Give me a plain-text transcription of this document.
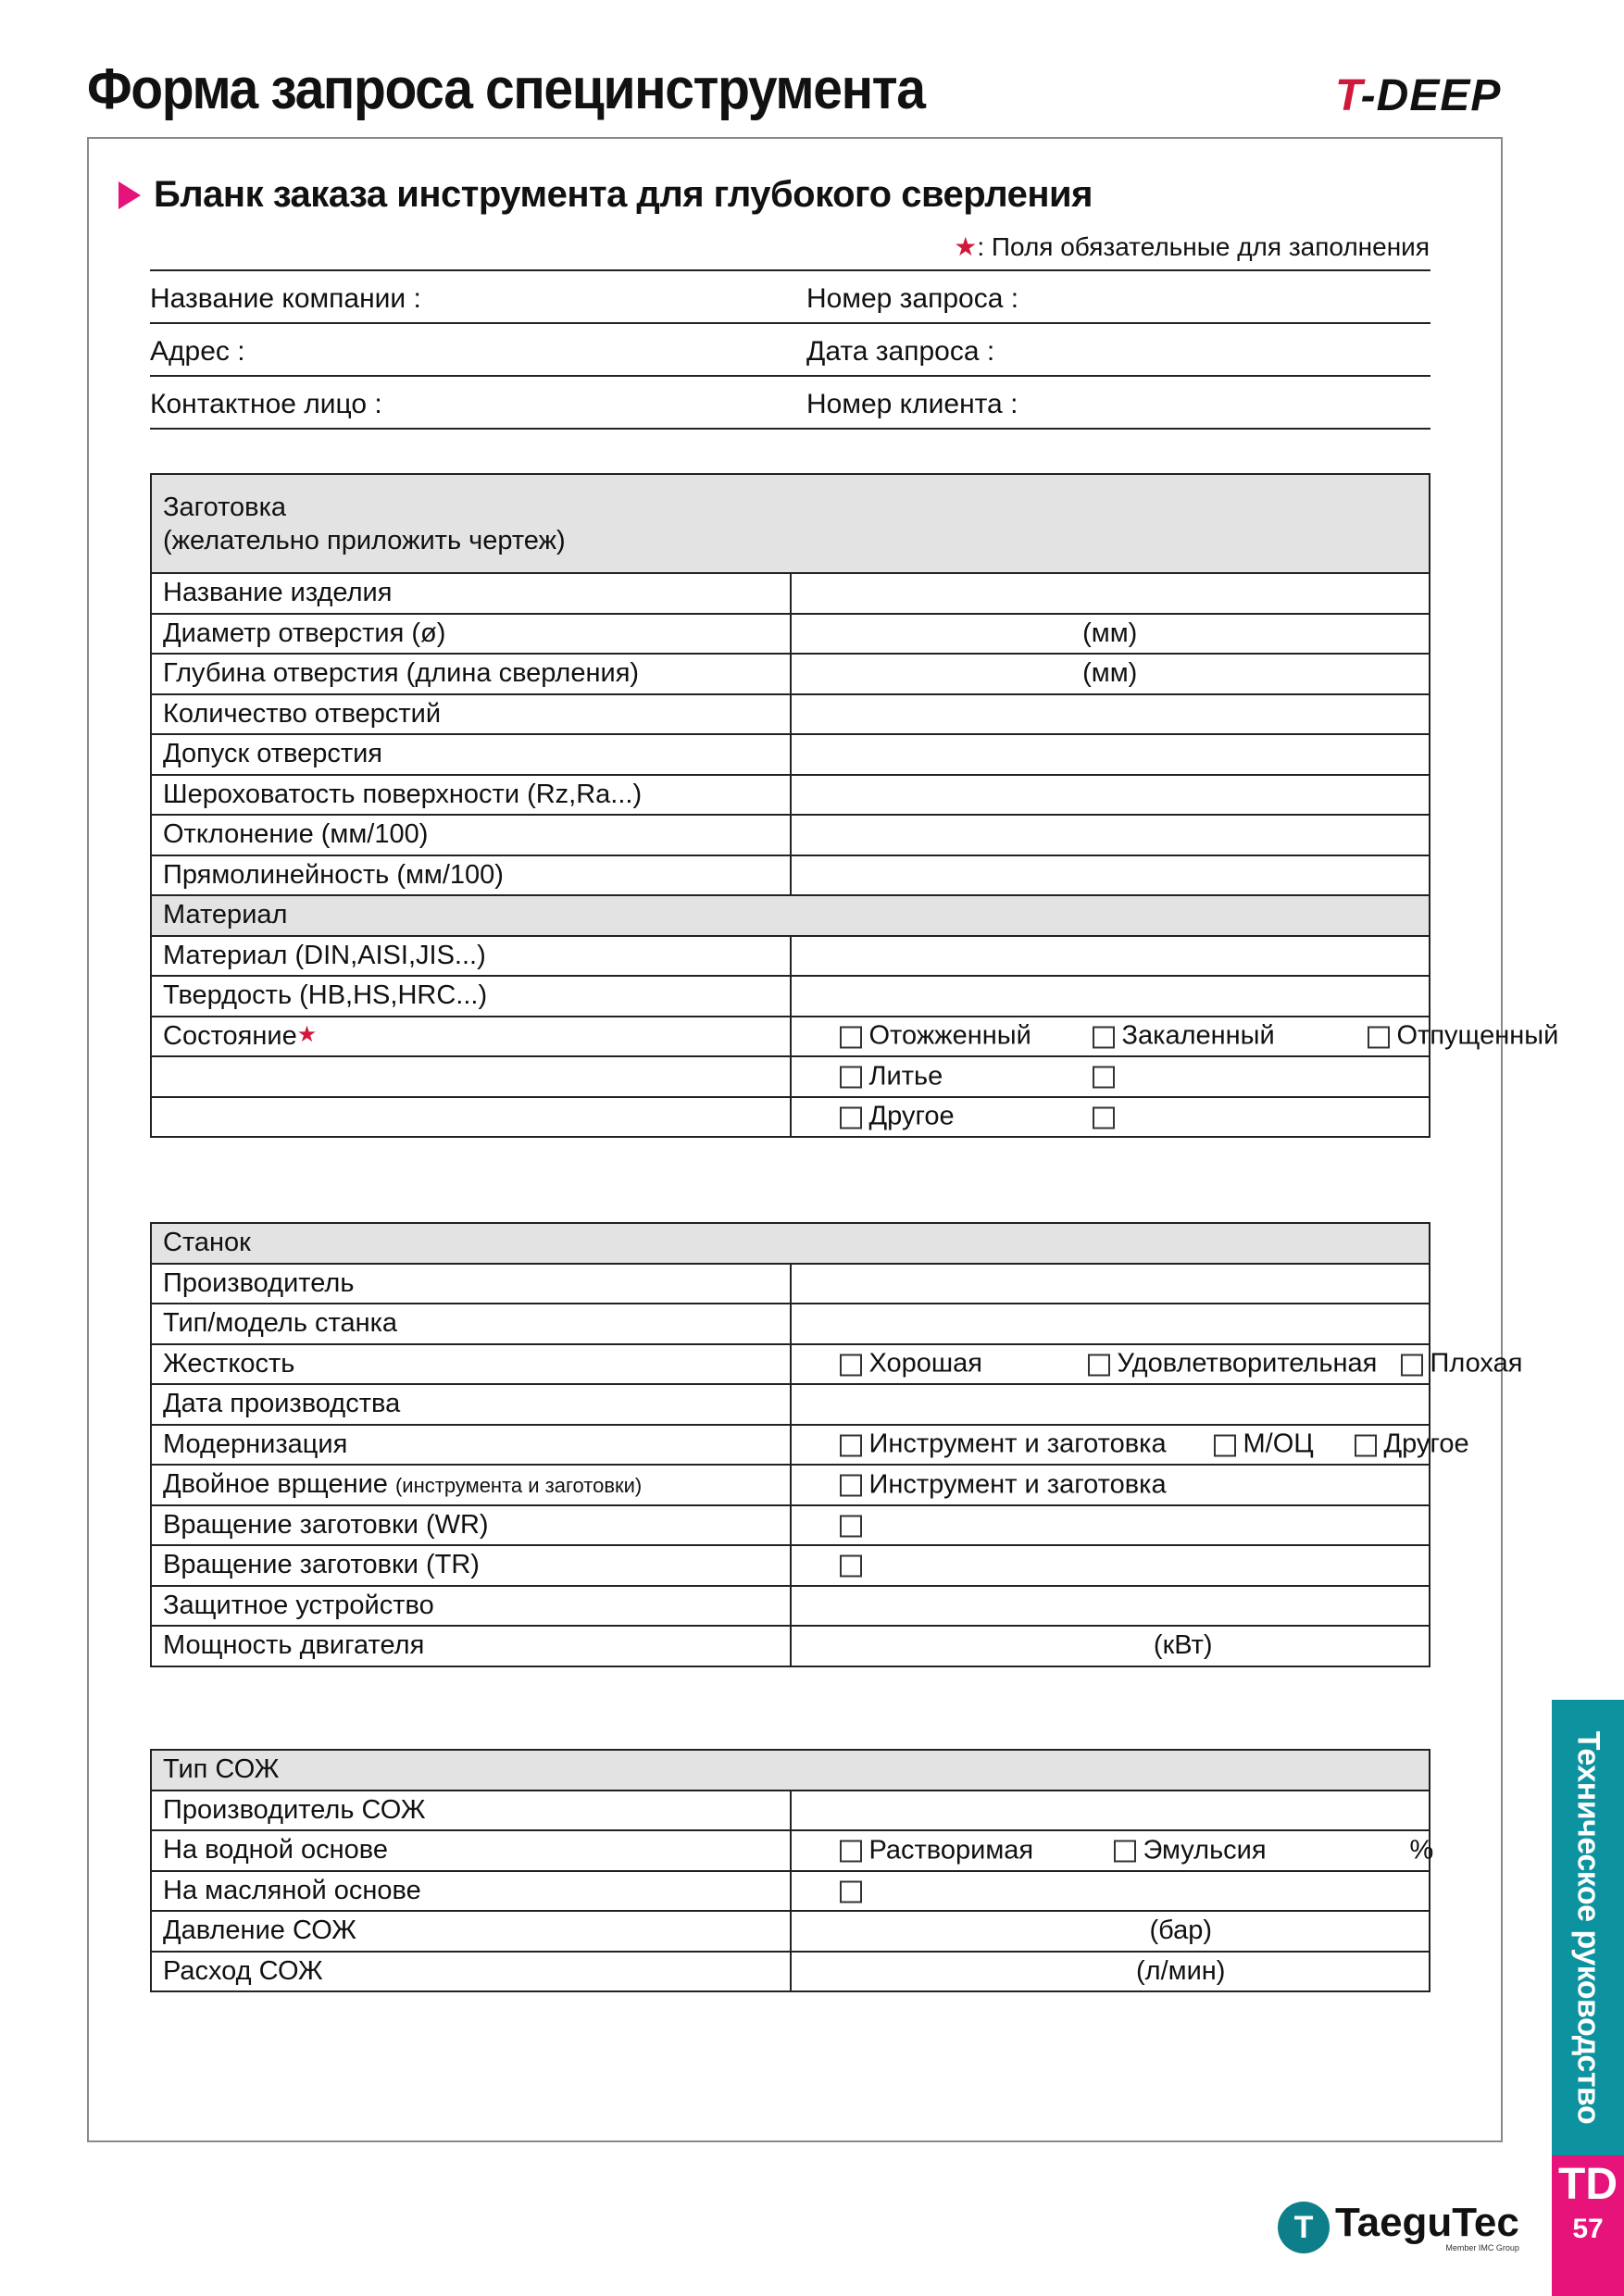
Форма запроса специнструмента	T-DEEP
Бланк заказа инструмента для глубокого сверления
★: Поля обязательные для заполнения
Название компании :	Номер запроса :
Адрес :	Дата запроса :
Контактное лицо :	Номер клиента :
Заготовка
(желательно приложить чертеж)	

Название изделия	
Диаметр отверстия (ø)	(мм)
Глубина отверстия (длина сверления)	(мм)
Количество отверстий	
Допуск отверстия	
Шероховатость поверхности (Rz,Ra...)	
Отклонение (мм/100)	
Прямолинейность (мм/100)	
Материал	
Материал (DIN,AISI,JIS...)	
Твердость (HB,HS,HRC...)	
Состояние★	Отожженный Закаленный Отпущенный

	Литье

	Другое
Станок	
Производитель	
Тип/модель станка	
Жесткость	Хорошая Удовлетворительная Плохая

Дата производства	
Модернизация	Инструмент и заготовка М/ОЦ Другое

Двойное врщение (инструмента и заготовки)	Инструмент и заготовка

Вращение заготовки (WR)	

Вращение заготовки (TR)	

Защитное устройство	
Мощность двигателя	(кВт)
Тип СОЖ	
Производитель СОЖ	
На водной основе	Растворимая Эмульсия %

На масляной основе	

Давление СОЖ	(бар)
Расход СОЖ	(л/мин)	Техническое руководство
TD
57
T TaeguTec
Member IMC Group
